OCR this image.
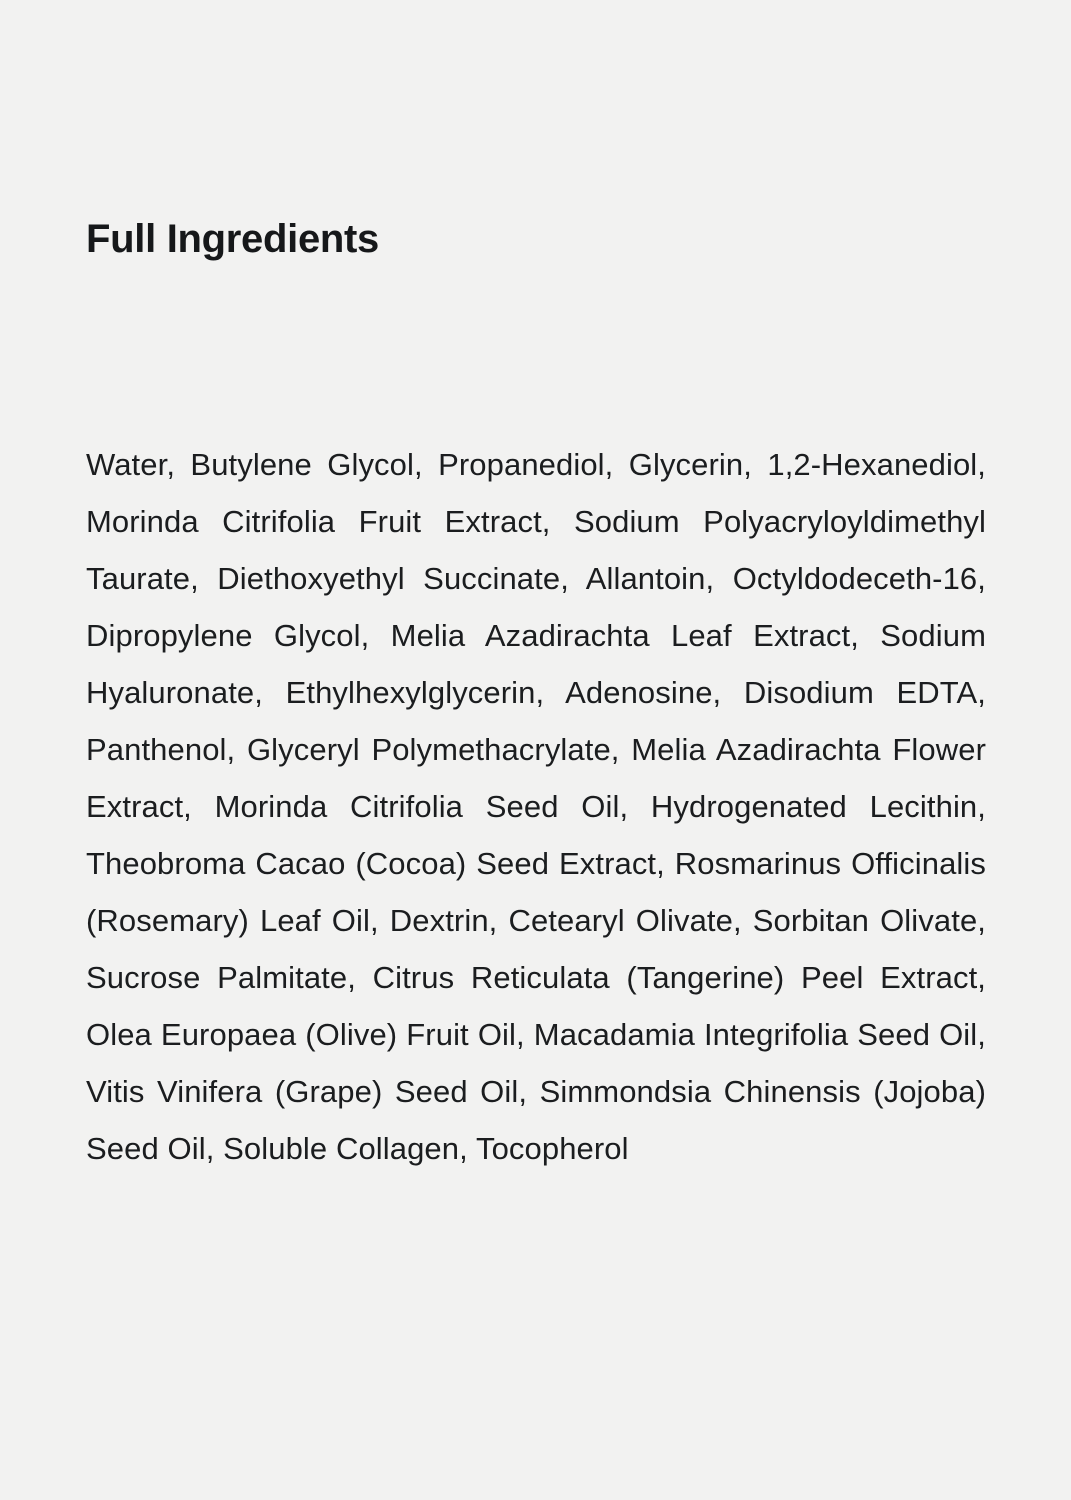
Full Ingredients

Water, Butylene Glycol, Propanediol, Glycerin, 1,2-Hexanediol, Morinda Citrifolia Fruit Extract, Sodium Polyacryloyldimethyl Taurate, Diethoxyethyl Succinate, Allantoin, Octyldodeceth-16, Dipropylene Glycol, Melia Azadirachta Leaf Extract, Sodium Hyaluronate, Ethylhexylglycerin, Adenosine, Disodium EDTA, Panthenol, Glyceryl Polymethacrylate, Melia Azadirachta Flower Extract, Morinda Citrifolia Seed Oil, Hydrogenated Lecithin, Theobroma Cacao (Cocoa) Seed Extract, Rosmarinus Officinalis (Rosemary) Leaf Oil, Dextrin, Cetearyl Olivate, Sorbitan Olivate, Sucrose Palmitate, Citrus Reticulata (Tangerine) Peel Extract, Olea Europaea (Olive) Fruit Oil, Macadamia Integrifolia Seed Oil, Vitis Vinifera (Grape) Seed Oil, Simmondsia Chinensis (Jojoba) Seed Oil, Soluble Collagen, Tocopherol
